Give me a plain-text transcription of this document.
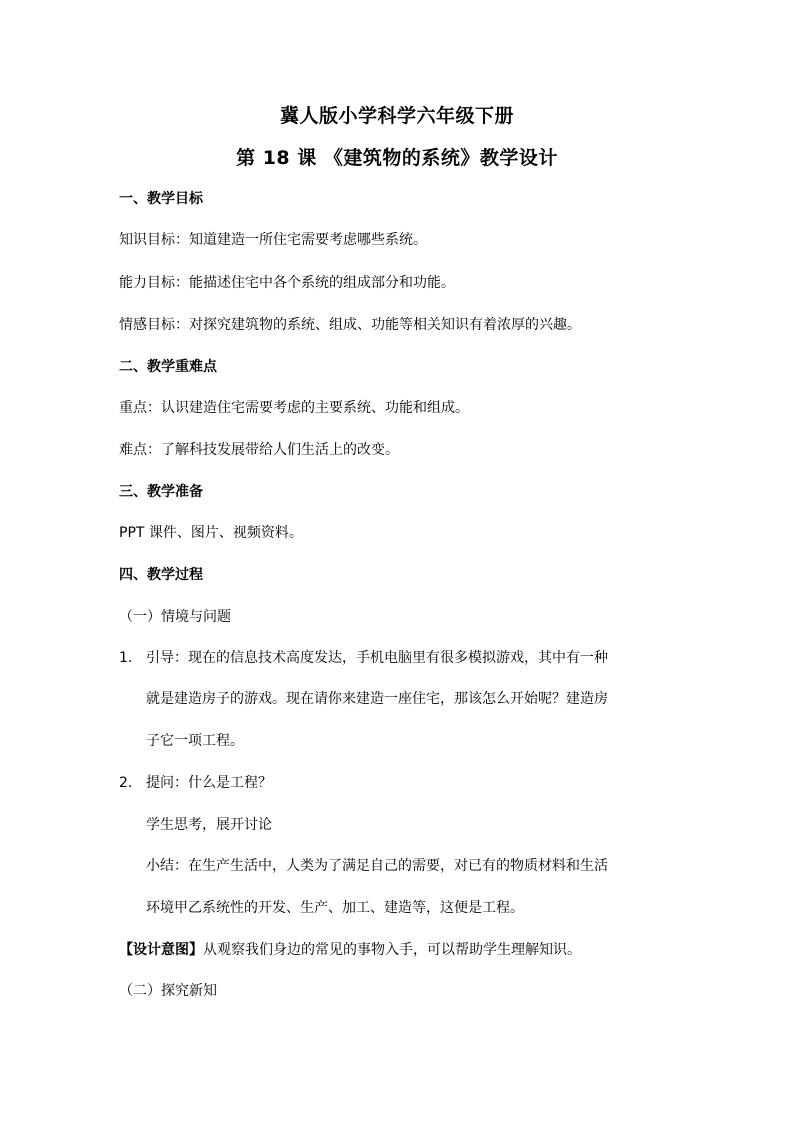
冀人版小学科学六年级下册
第 18 课 《建筑物的系统》教学设计
一、教学目标
知识目标：知道建造一所住宅需要考虑哪些系统。
能力目标：能描述住宅中各个系统的组成部分和功能。
情感目标：对探究建筑物的系统、组成、功能等相关知识有着浓厚的兴趣。
二、教学重难点
重点：认识建造住宅需要考虑的主要系统、功能和组成。
难点：了解科技发展带给人们生活上的改变。
三、教学准备
PPT 课件、图片、视频资料。
四、教学过程
（一）情境与问题
1. 引导：现在的信息技术高度发达，手机电脑里有很多模拟游戏，其中有一种
就是建造房子的游戏。现在请你来建造一座住宅，那该怎么开始呢？建造房
子它一项工程。
2. 提问：什么是工程？
学生思考，展开讨论
小结：在生产生活中，人类为了满足自己的需要，对已有的物质材料和生活
环境甲乙系统性的开发、生产、加工、建造等，这便是工程。
【设计意图】从观察我们身边的常见的事物入手，可以帮助学生理解知识。
（二）探究新知
